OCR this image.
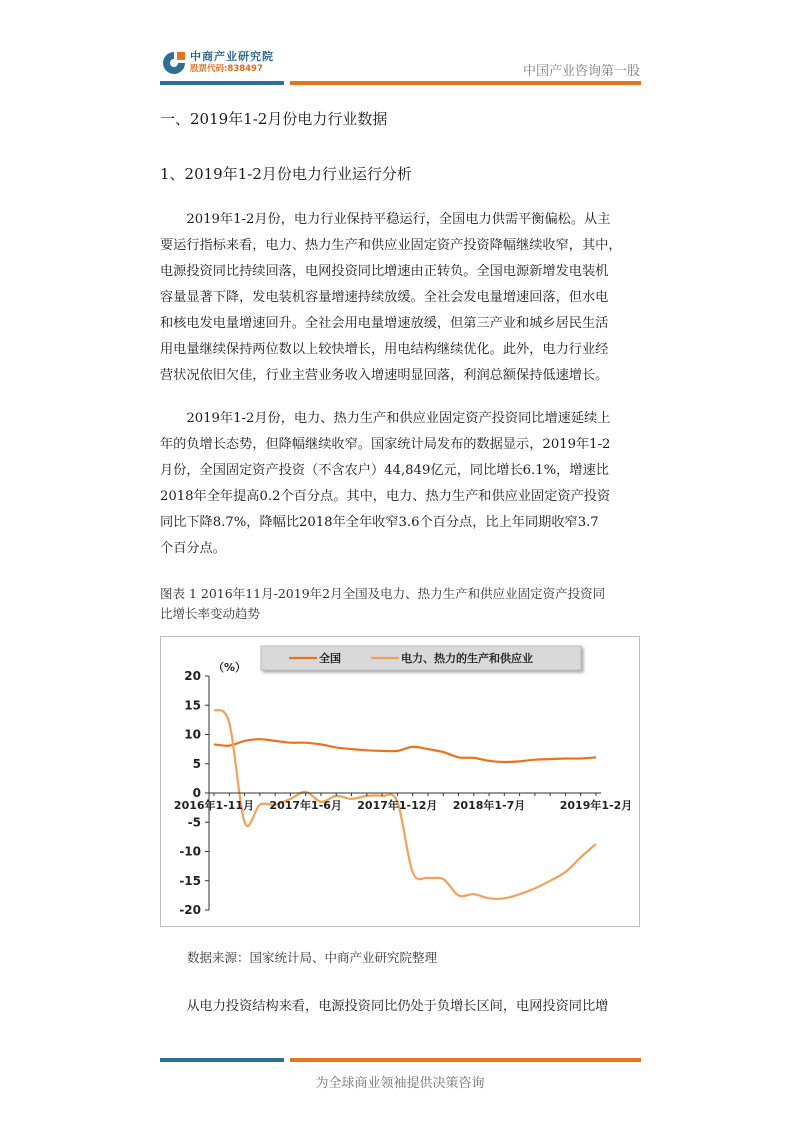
中商产业研究院
股票代码:838497	中国产业咨询第一股
一、2019年1-2月份电力行业数据
1、2019年1-2月份电力行业运行分析
　　2019年1-2月份，电力行业保持平稳运行，全国电力供需平衡偏松。从主
要运行指标来看，电力、热力生产和供应业固定资产投资降幅继续收窄，其中，
电源投资同比持续回落，电网投资同比增速由正转负。全国电源新增发电装机
容量显著下降，发电装机容量增速持续放缓。全社会发电量增速回落，但水电
和核电发电量增速回升。全社会用电量增速放缓，但第三产业和城乡居民生活
用电量继续保持两位数以上较快增长，用电结构继续优化。此外，电力行业经
营状况依旧欠佳，行业主营业务收入增速明显回落，利润总额保持低速增长。
　　2019年1-2月份，电力、热力生产和供应业固定资产投资同比增速延续上
年的负增长态势，但降幅继续收窄。国家统计局发布的数据显示，2019年1-2
月份，全国固定资产投资（不含农户）44,849亿元，同比增长6.1%，增速比
2018年全年提高0.2个百分点。其中，电力、热力生产和供应业固定资产投资
同比下降8.7%，降幅比2018年全年收窄3.6个百分点，比上年同期收窄3.7
个百分点。
图表 1 2016年11月-2019年2月全国及电力、热力生产和供应业固定资产投资同
比增长率变动趋势
（%）
20
15
10
5
0
-5
-10
-15
-20
2016年1-11月 2017年1-6月 2017年1-12月 2018年1-7月	2019年1-2月
全国	电力、热力的生产和供应业
数据来源：国家统计局、中商产业研究院整理
　　从电力投资结构来看，电源投资同比仍处于负增长区间，电网投资同比增
为全球商业领袖提供决策咨询
